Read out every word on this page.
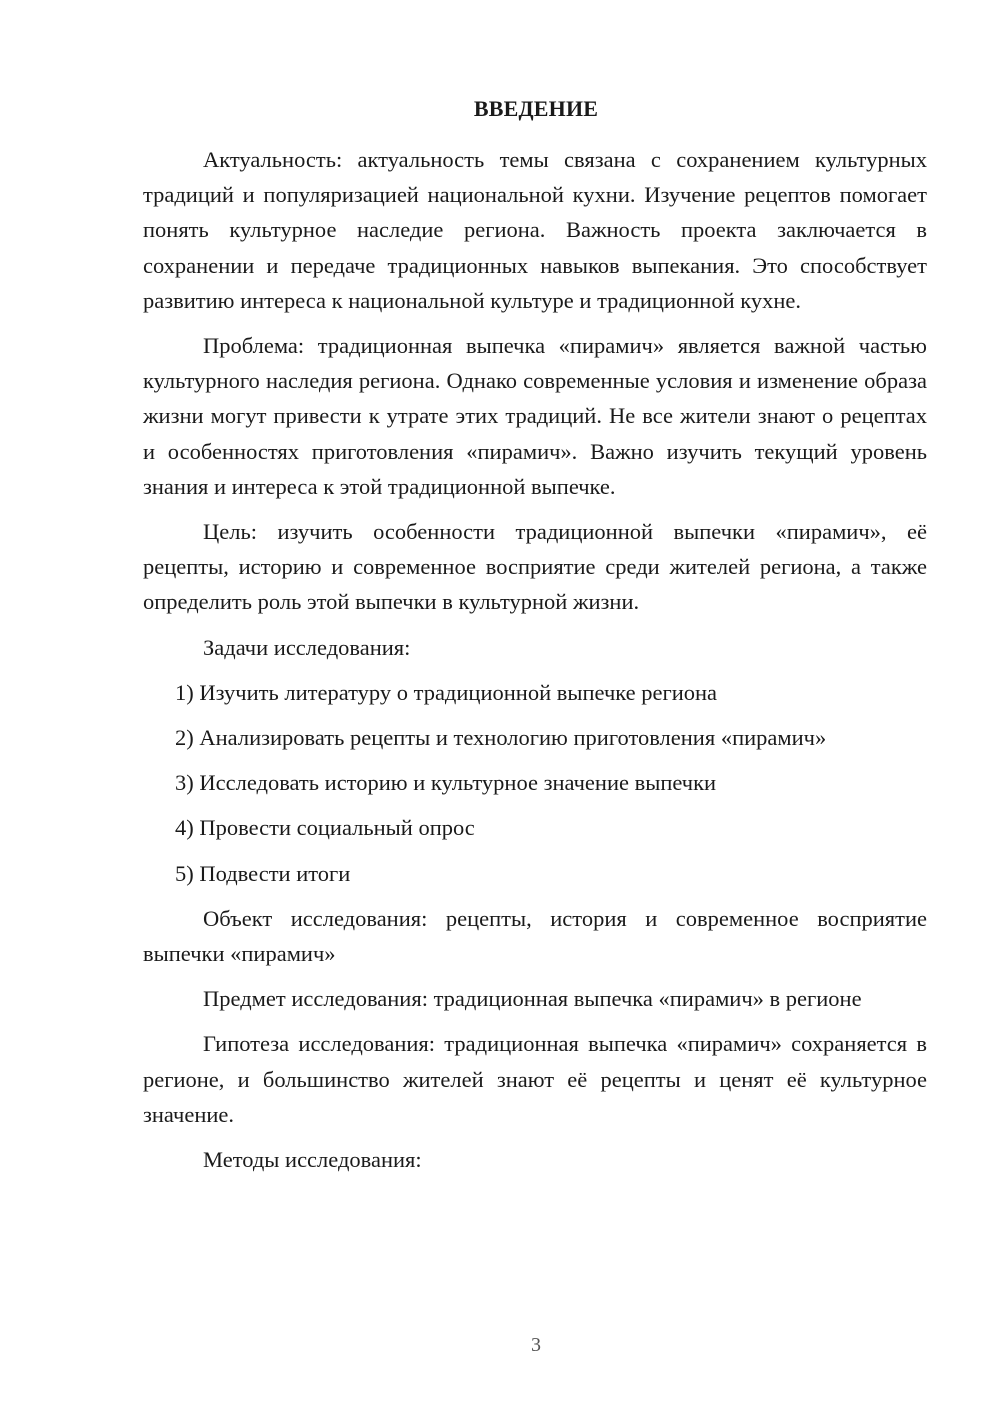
ВВЕДЕНИЕ

Актуальность: актуальность темы связана с сохранением культурных традиций и популяризацией национальной кухни. Изучение рецептов помогает понять культурное наследие региона. Важность проекта заключается в сохранении и передаче традиционных навыков выпекания. Это способствует развитию интереса к национальной культуре и традиционной кухне.

Проблема: традиционная выпечка «пирамич» является важной частью культурного наследия региона. Однако современные условия и изменение образа жизни могут привести к утрате этих традиций. Не все жители знают о рецептах и особенностях приготовления «пирамич». Важно изучить текущий уровень знания и интереса к этой традиционной выпечке.

Цель: изучить особенности традиционной выпечки «пирамич», её рецепты, историю и современное восприятие среди жителей региона, а также определить роль этой выпечки в культурной жизни.

Задачи исследования:
1) Изучить литературу о традиционной выпечке региона
2) Анализировать рецепты и технологию приготовления «пирамич»
3) Исследовать историю и культурное значение выпечки
4) Провести социальный опрос
5) Подвести итоги

Объект исследования: рецепты, история и современное восприятие выпечки «пирамич»

Предмет исследования: традиционная выпечка «пирамич» в регионе

Гипотеза исследования: традиционная выпечка «пирамич» сохраняется в регионе, и большинство жителей знают её рецепты и ценят её культурное значение.

Методы исследования:
3
